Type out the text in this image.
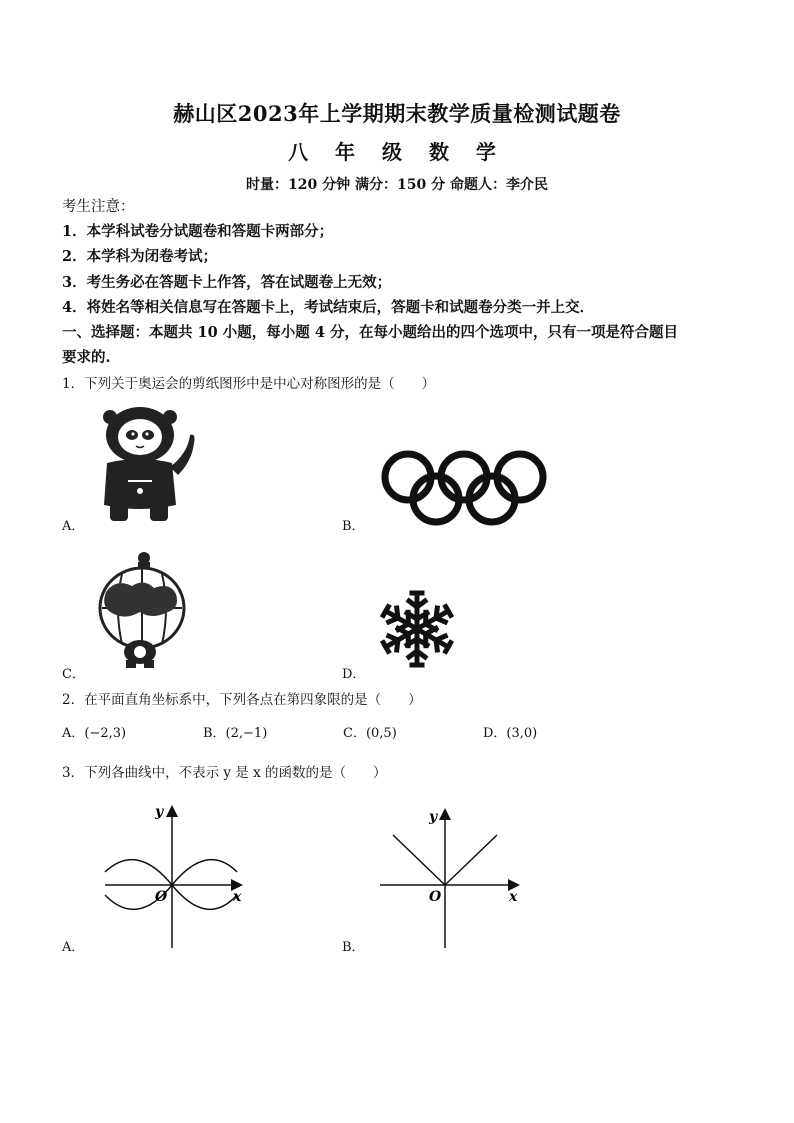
赫山区2023年上学期期末教学质量检测试题卷
八 年 级 数 学
时量：120 分钟 满分：150 分 命题人：李介民
考生注意：
1．本学科试卷分试题卷和答题卡两部分；
2．本学科为闭卷考试；
3．考生务必在答题卡上作答，答在试题卷上无效；
4．将姓名等相关信息写在答题卡上，考试结束后，答题卡和试题卷分类一并上交．
一、选择题：本题共 10 小题，每小题 4 分，在每小题给出的四个选项中，只有一项是符合题目
要求的.
1．下列关于奥运会的剪纸图形中是中心对称图形的是（　　）
A．	B．
C．	D．
2．在平面直角坐标系中，下列各点在第四象限的是（　　）
A．(−2,3)	B．(2,−1)	C．(0,5)	D．(3,0)
3．下列各曲线中，不表示 y 是 x 的函数的是（　　）
A．
y
x
O
B．
y
x
O
